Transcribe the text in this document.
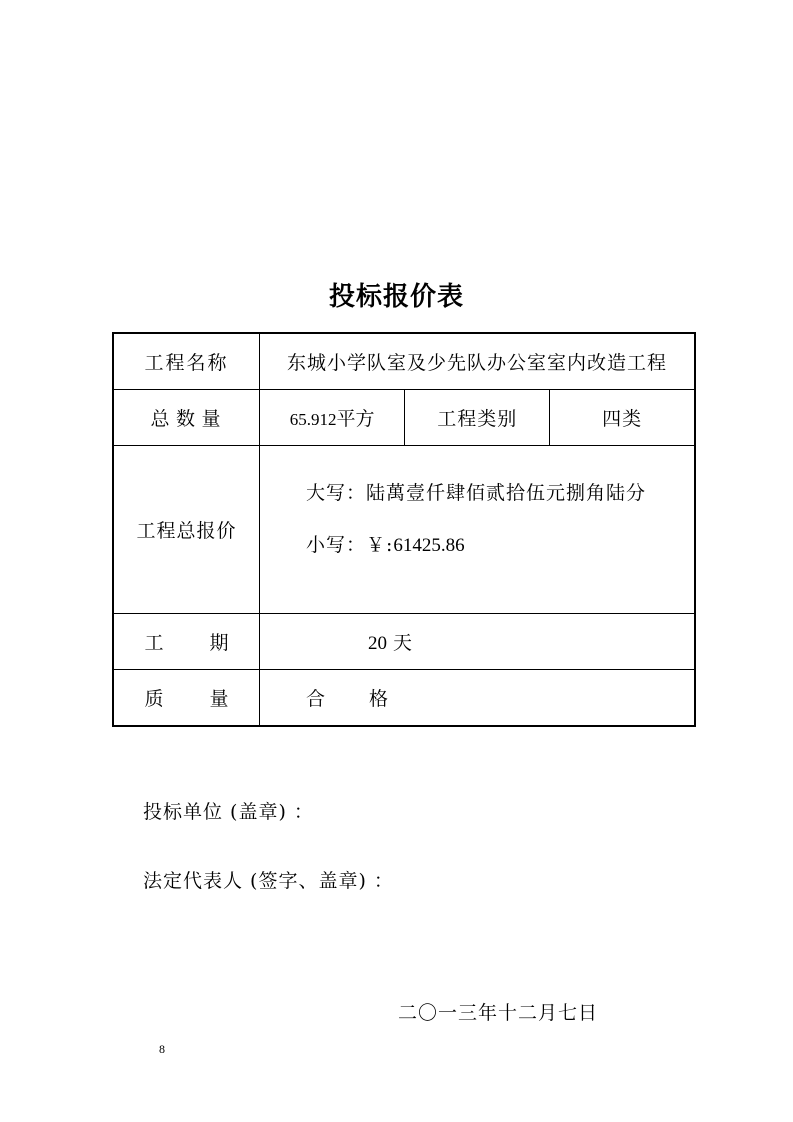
投标报价表
工程名称	东城小学队室及少先队办公室室内改造工程		
总数量	65.912平方	工程类别	四类
工程总报价	大写：陆萬壹仟肆佰贰拾伍元捌角陆分
小写：￥:61425.86		

工期	20 天		
质量	合格		
投标单位 (盖章) ：
法定代表人 (签字、盖章) ：
二〇一三年十二月七日
8
